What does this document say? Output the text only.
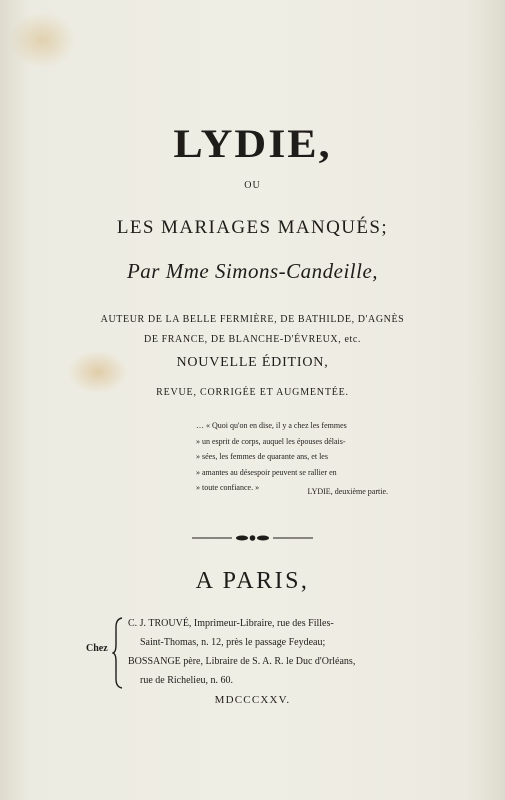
LYDIE,
OU
LES MARIAGES MANQUÉS;
Par Mme Simons-Candeille,
AUTEUR DE LA BELLE FERMIÈRE, DE BATHILDE, D'AGNÈS
DE FRANCE, DE BLANCHE-D'ÉVREUX, etc.
NOUVELLE ÉDITION,
REVUE, CORRIGÉE ET AUGMENTÉE.
… « Quoi qu'on en dise, il y a chez les femmes
» un esprit de corps, auquel les épouses délais-
» sées, les femmes de quarante ans, et les
» amantes au désespoir peuvent se rallier en
» toute confiance. »	LYDIE, deuxième partie.
A PARIS,
Chez
C. J. TROUVÉ, Imprimeur-Libraire, rue des Filles-
Saint-Thomas, n. 12, près le passage Feydeau;
BOSSANGE père, Libraire de S. A. R. le Duc d'Orléans,
rue de Richelieu, n. 60.
MDCCCXXV.
